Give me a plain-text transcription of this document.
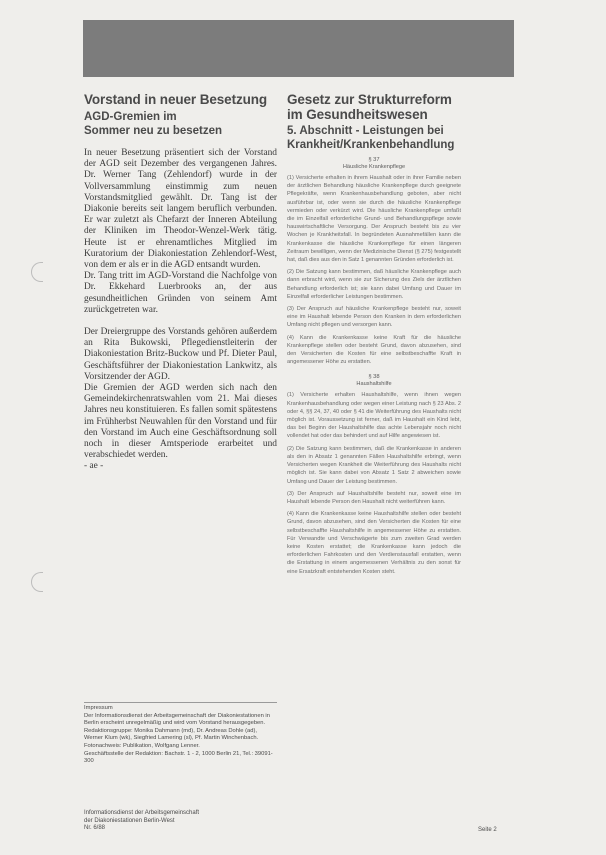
Vorstand in neuer Besetzung
AGD-Gremien im
Sommer neu zu besetzen

In neuer Besetzung präsentiert sich der Vorstand der AGD seit Dezember des vergangenen Jahres. Dr. Werner Tang (Zehlendorf) wurde in der Vollversammlung einstimmig zum neuen Vorstandsmitglied gewählt. Dr. Tang ist der Diakonie bereits seit langem beruflich verbunden. Er war zuletzt als Chefarzt der Inneren Abteilung der Kliniken im Theodor-Wenzel-Werk tätig. Heute ist er ehrenamtliches Mitglied im Kuratorium der Diakoniestation Zehlendorf-West, von dem er als er in die AGD entsandt wurden.

Dr. Tang tritt im AGD-Vorstand die Nachfolge von Dr. Ekkehard Luerbrooks an, der aus gesundheitlichen Gründen von seinem Amt zurückgetreten war.

Der Dreiergruppe des Vorstands gehören außerdem an Rita Bukowski, Pflegedienstleiterin der Diakoniestation Britz-Buckow und Pf. Dieter Paul, Geschäftsführer der Diakoniestation Lankwitz, als Vorsitzender der AGD.

Die Gremien der AGD werden sich nach den Gemeindekirchenratswahlen vom 21. Mai dieses Jahres neu konstituieren. Es fallen somit spätestens im Frühherbst Neuwahlen für den Vorstand und für den Vorstand im Auch eine Geschäftsordnung soll noch in dieser Amtsperiode erarbeitet und verabschiedet werden.

- ae -

Impressum

Der Informationsdienst der Arbeitsgemeinschaft der Diakoniestationen in Berlin erscheint unregelmäßig und wird vom Vorstand herausgegeben.

Redaktionsgruppe: Monika Dahmann (md), Dr. Andreas Dohle (ad), Werner Klum (wk), Siegfried Lamering (sl), Pf. Martin Winchenbach. Fotonachweis: Publikation, Wolfgang Lenner.

Geschäftsstelle der Redaktion: Bachstr. 1 - 2, 1000 Berlin 21, Tel.: 39091-300

Gesetz zur Strukturreform
im Gesundheitswesen
5. Abschnitt - Leistungen bei
Krankheit/Krankenbehandlung

§ 37

Häusliche Krankenpflege

(1) Versicherte erhalten in ihrem Haushalt oder in ihrer Familie neben der ärztlichen Behandlung häusliche Krankenpflege durch geeignete Pflegekräfte, wenn Krankenhausbehandlung geboten, aber nicht ausführbar ist, oder wenn sie durch die häusliche Krankenpflege vermieden oder verkürzt wird. Die häusliche Krankenpflege umfaßt die im Einzelfall erforderliche Grund- und Behandlungspflege sowie hauswirtschaftliche Versorgung. Der Anspruch besteht bis zu vier Wochen je Krankheitsfall. In begründeten Ausnahmefällen kann die Krankenkasse die häusliche Krankenpflege für einen längeren Zeitraum bewilligen, wenn der Medizinische Dienst (§ 275) festgestellt hat, daß dies aus den in Satz 1 genannten Gründen erforderlich ist.

(2) Die Satzung kann bestimmen, daß häusliche Krankenpflege auch dann erbracht wird, wenn sie zur Sicherung des Ziels der ärztlichen Behandlung erforderlich ist; sie kann dabei Umfang und Dauer im Einzelfall erforderlicher Leistungen bestimmen.

(3) Der Anspruch auf häusliche Krankenpflege besteht nur, soweit eine im Haushalt lebende Person den Kranken in dem erforderlichen Umfang nicht pflegen und versorgen kann.

(4) Kann die Krankenkasse keine Kraft für die häusliche Krankenpflege stellen oder besteht Grund, davon abzusehen, sind den Versicherten die Kosten für eine selbstbeschaffte Kraft in angemessener Höhe zu erstatten.

§ 38

Haushaltshilfe

(1) Versicherte erhalten Haushaltshilfe, wenn ihnen wegen Krankenhausbehandlung oder wegen einer Leistung nach § 23 Abs. 2 oder 4, §§ 24, 37, 40 oder § 41 die Weiterführung des Haushalts nicht möglich ist. Voraussetzung ist ferner, daß im Haushalt ein Kind lebt, das bei Beginn der Haushaltshilfe das achte Lebensjahr noch nicht vollendet hat oder das behindert und auf Hilfe angewiesen ist.

(2) Die Satzung kann bestimmen, daß die Krankenkasse in anderen als den in Absatz 1 genannten Fällen Haushaltshilfe erbringt, wenn Versicherten wegen Krankheit die Weiterführung des Haushalts nicht möglich ist. Sie kann dabei von Absatz 1 Satz 2 abweichen sowie Umfang und Dauer der Leistung bestimmen.

(3) Der Anspruch auf Haushaltshilfe besteht nur, soweit eine im Haushalt lebende Person den Haushalt nicht weiterführen kann.

(4) Kann die Krankenkasse keine Haushaltshilfe stellen oder besteht Grund, davon abzusehen, sind den Versicherten die Kosten für eine selbstbeschaffte Haushaltshilfe in angemessener Höhe zu erstatten. Für Verwandte und Verschwägerte bis zum zweiten Grad werden keine Kosten erstattet; die Krankenkasse kann jedoch die erforderlichen Fahrkosten und den Verdienstausfall erstatten, wenn die Erstattung in einem angemessenen Verhältnis zu den sonst für eine Ersatzkraft entstehenden Kosten steht.

Informationsdienst der Arbeitsgemeinschaft

der Diakoniestationen Berlin-West

Nr. 6/88	Seite 2
